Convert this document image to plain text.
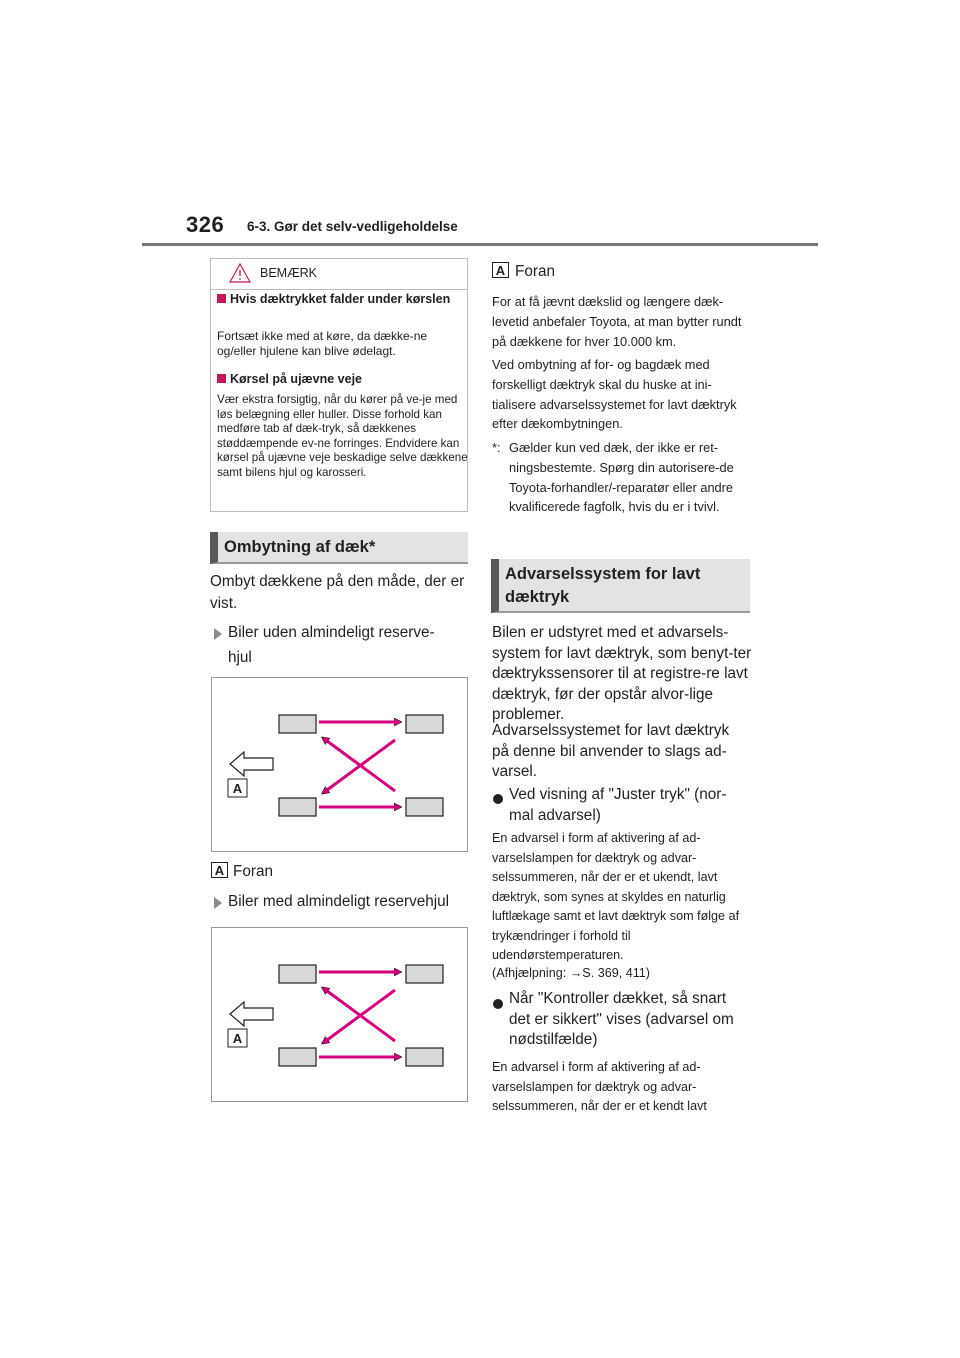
326 6-3. Gør det selv-vedligeholdelse
BEMÆRK
Hvis dæktrykket falder under kørslen

Fortsæt ikke med at køre, da dække-ne og/eller hjulene kan blive ødelagt.

Kørsel på ujævne veje

Vær ekstra forsigtig, når du kører på ve-je med løs belægning eller huller. Disse forhold kan medføre tab af dæk-tryk, så dækkenes støddæmpende ev-ne forringes. Endvidere kan kørsel på ujævne veje beskadige selve dækkene samt bilens hjul og karosseri.

Ombytning af dæk*
Ombyt dækkene på den måde, der er vist.
Biler uden almindeligt reserve-hjul
A
A Foran
Biler med almindeligt reservehjul
A
A Foran
For at få jævnt dækslid og længere dæk-levetid anbefaler Toyota, at man bytter rundt på dækkene for hver 10.000 km.
Ved ombytning af for- og bagdæk med forskelligt dæktryk skal du huske at ini-tialisere advarselssystemet for lavt dæktryk efter dækombytningen.
*: Gælder kun ved dæk, der ikke er ret-ningsbestemte. Spørg din autorisere-de Toyota-forhandler/-reparatør eller andre kvalificerede fagfolk, hvis du er i tvivl.
Advarselssystem for lavt dæktryk
Bilen er udstyret med et advarsels-system for lavt dæktryk, som benyt-ter dæktrykssensorer til at registre-re lavt dæktryk, før der opstår alvor-lige problemer.
Advarselssystemet for lavt dæktryk på denne bil anvender to slags ad-varsel.
Ved visning af "Juster tryk" (nor-mal advarsel)
En advarsel i form af aktivering af ad-varselslampen for dæktryk og advar-selssummeren, når der er et ukendt, lavt dæktryk, som synes at skyldes en naturlig luftlækage samt et lavt dæktryk som følge af trykændringer i forhold til udendørstemperaturen.
(Afhjælpning: →S. 369, 411)
Når "Kontroller dækket, så snart det er sikkert" vises (advarsel om nødstilfælde)
En advarsel i form af aktivering af ad-varselslampen for dæktryk og advar-selssummeren, når der er et kendt lavt
